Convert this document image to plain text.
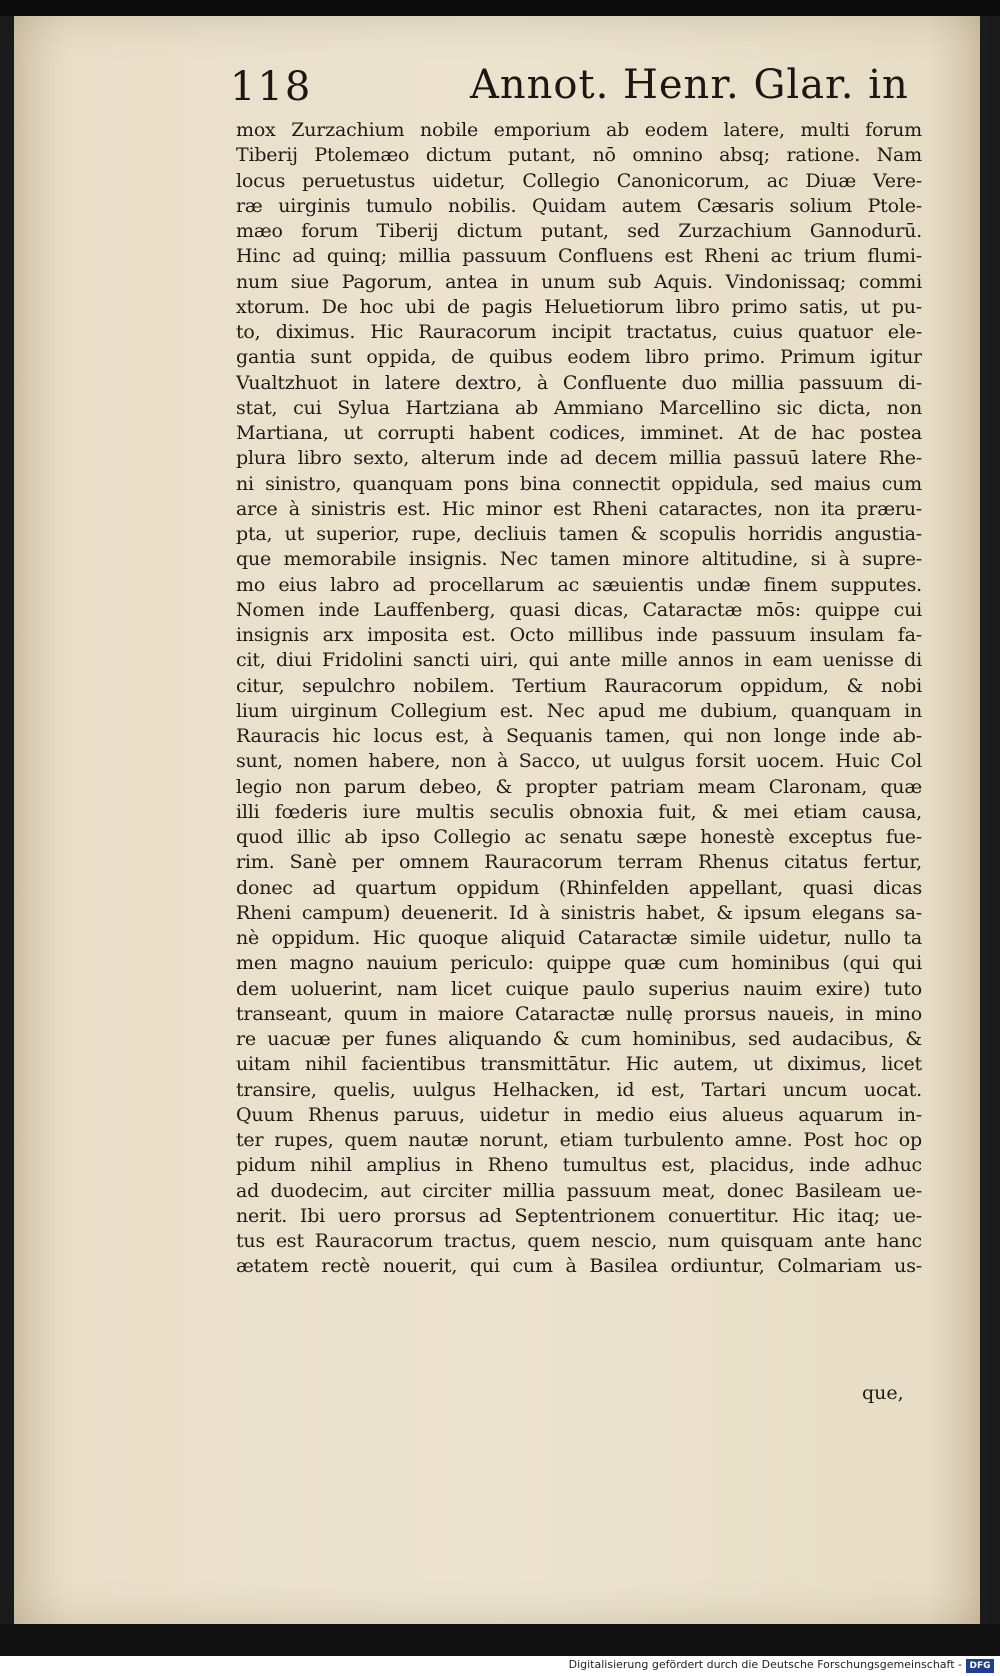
118	Annot. Henr. Glar. in
mox Zurzachium nobile emporium ab eodem latere, multi forum
Tiberij Ptolemæo dictum putant, nō omnino absq; ratione. Nam
locus peruetustus uidetur, Collegio Canonicorum, ac Diuæ Vere-
ræ uirginis tumulo nobilis. Quidam autem Cæsaris solium Ptole-
mæo forum Tiberij dictum putant, sed Zurzachium Gannodurū.
Hinc ad quinq; millia passuum Confluens est Rheni ac trium flumi-
num siue Pagorum, antea in unum sub Aquis. Vindonissaq; commi
xtorum. De hoc ubi de pagis Heluetiorum libro primo satis, ut pu-
to, diximus. Hic Rauracorum incipit tractatus, cuius quatuor ele-
gantia sunt oppida, de quibus eodem libro primo. Primum igitur
Vualtzhuot in latere dextro, à Confluente duo millia passuum di-
stat, cui Sylua Hartziana ab Ammiano Marcellino sic dicta, non
Martiana, ut corrupti habent codices, imminet. At de hac postea
plura libro sexto, alterum inde ad decem millia passuū latere Rhe-
ni sinistro, quanquam pons bina connectit oppidula, sed maius cum
arce à sinistris est. Hic minor est Rheni cataractes, non ita præru-
pta, ut superior, rupe, decliuis tamen & scopulis horridis angustia-
que memorabile insignis. Nec tamen minore altitudine, si à supre-
mo eius labro ad procellarum ac sæuientis undæ finem supputes.
Nomen inde Lauffenberg, quasi dicas, Cataractæ mōs: quippe cui
insignis arx imposita est. Octo millibus inde passuum insulam fa-
cit, diui Fridolini sancti uiri, qui ante mille annos in eam uenisse di
citur, sepulchro nobilem. Tertium Rauracorum oppidum, & nobi
lium uirginum Collegium est. Nec apud me dubium, quanquam in
Rauracis hic locus est, à Sequanis tamen, qui non longe inde ab-
sunt, nomen habere, non à Sacco, ut uulgus forsit uocem. Huic Col
legio non parum debeo, & propter patriam meam Claronam, quæ
illi fœderis iure multis seculis obnoxia fuit, & mei etiam causa,
quod illic ab ipso Collegio ac senatu sæpe honestè exceptus fue-
rim. Sanè per omnem Rauracorum terram Rhenus citatus fertur,
donec ad quartum oppidum (Rhinfelden appellant, quasi dicas
Rheni campum) deuenerit. Id à sinistris habet, & ipsum elegans sa-
nè oppidum. Hic quoque aliquid Cataractæ simile uidetur, nullo ta
men magno nauium periculo: quippe quæ cum hominibus (qui qui
dem uoluerint, nam licet cuique paulo superius nauim exire) tuto
transeant, quum in maiore Cataractæ nullę prorsus naueis, in mino
re uacuæ per funes aliquando & cum hominibus, sed audacibus, &
uitam nihil facientibus transmittātur. Hic autem, ut diximus, licet
transire, quelis, uulgus Helhacken, id est, Tartari uncum uocat.
Quum Rhenus paruus, uidetur in medio eius alueus aquarum in-
ter rupes, quem nautæ norunt, etiam turbulento amne. Post hoc op
pidum nihil amplius in Rheno tumultus est, placidus, inde adhuc
ad duodecim, aut circiter millia passuum meat, donec Basileam ue-
nerit. Ibi uero prorsus ad Septentrionem conuertitur. Hic itaq; ue-
tus est Rauracorum tractus, quem nescio, num quisquam ante hanc
ætatem rectè nouerit, qui cum à Basilea ordiuntur, Colmariam us-
que,
Digitalisierung gefördert durch die Deutsche Forschungsgemeinschaft - DFG
